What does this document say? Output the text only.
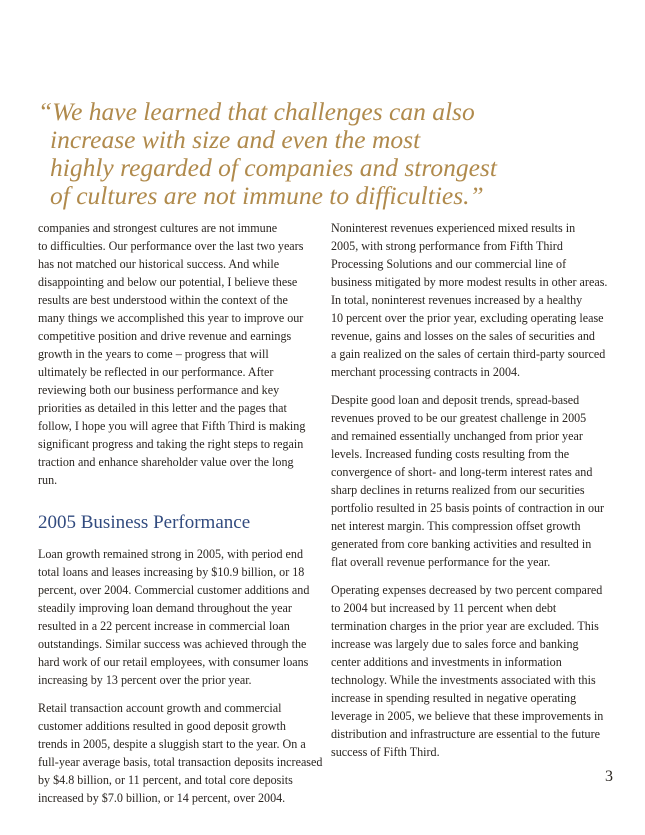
“We have learned that challenges can also
increase with size and even the most
highly regarded of companies and strongest
of cultures are not immune to difficulties.”

companies and strongest cultures are not immune
to difficulties. Our performance over the last two years
has not matched our historical success. And while
disappointing and below our potential, I believe these
results are best understood within the context of the
many things we accomplished this year to improve our
competitive position and drive revenue and earnings
growth in the years to come – progress that will
ultimately be reflected in our performance. After
reviewing both our business performance and key
priorities as detailed in this letter and the pages that
follow, I hope you will agree that Fifth Third is making
significant progress and taking the right steps to regain
traction and enhance shareholder value over the long
run.

2005 Business Performance

Loan growth remained strong in 2005, with period end
total loans and leases increasing by $10.9 billion, or 18
percent, over 2004. Commercial customer additions and
steadily improving loan demand throughout the year
resulted in a 22 percent increase in commercial loan
outstandings. Similar success was achieved through the
hard work of our retail employees, with consumer loans
increasing by 13 percent over the prior year.

Retail transaction account growth and commercial
customer additions resulted in good deposit growth
trends in 2005, despite a sluggish start to the year. On a
full-year average basis, total transaction deposits increased
by $4.8 billion, or 11 percent, and total core deposits
increased by $7.0 billion, or 14 percent, over 2004.

Noninterest revenues experienced mixed results in
2005, with strong performance from Fifth Third
Processing Solutions and our commercial line of
business mitigated by more modest results in other areas.
In total, noninterest revenues increased by a healthy
10 percent over the prior year, excluding operating lease
revenue, gains and losses on the sales of securities and
a gain realized on the sales of certain third-party sourced
merchant processing contracts in 2004.

Despite good loan and deposit trends, spread-based
revenues proved to be our greatest challenge in 2005
and remained essentially unchanged from prior year
levels. Increased funding costs resulting from the
convergence of short- and long-term interest rates and
sharp declines in returns realized from our securities
portfolio resulted in 25 basis points of contraction in our
net interest margin. This compression offset growth
generated from core banking activities and resulted in
flat overall revenue performance for the year.

Operating expenses decreased by two percent compared
to 2004 but increased by 11 percent when debt
termination charges in the prior year are excluded. This
increase was largely due to sales force and banking
center additions and investments in information
technology. While the investments associated with this
increase in spending resulted in negative operating
leverage in 2005, we believe that these improvements in
distribution and infrastructure are essential to the future
success of Fifth Third.

3
